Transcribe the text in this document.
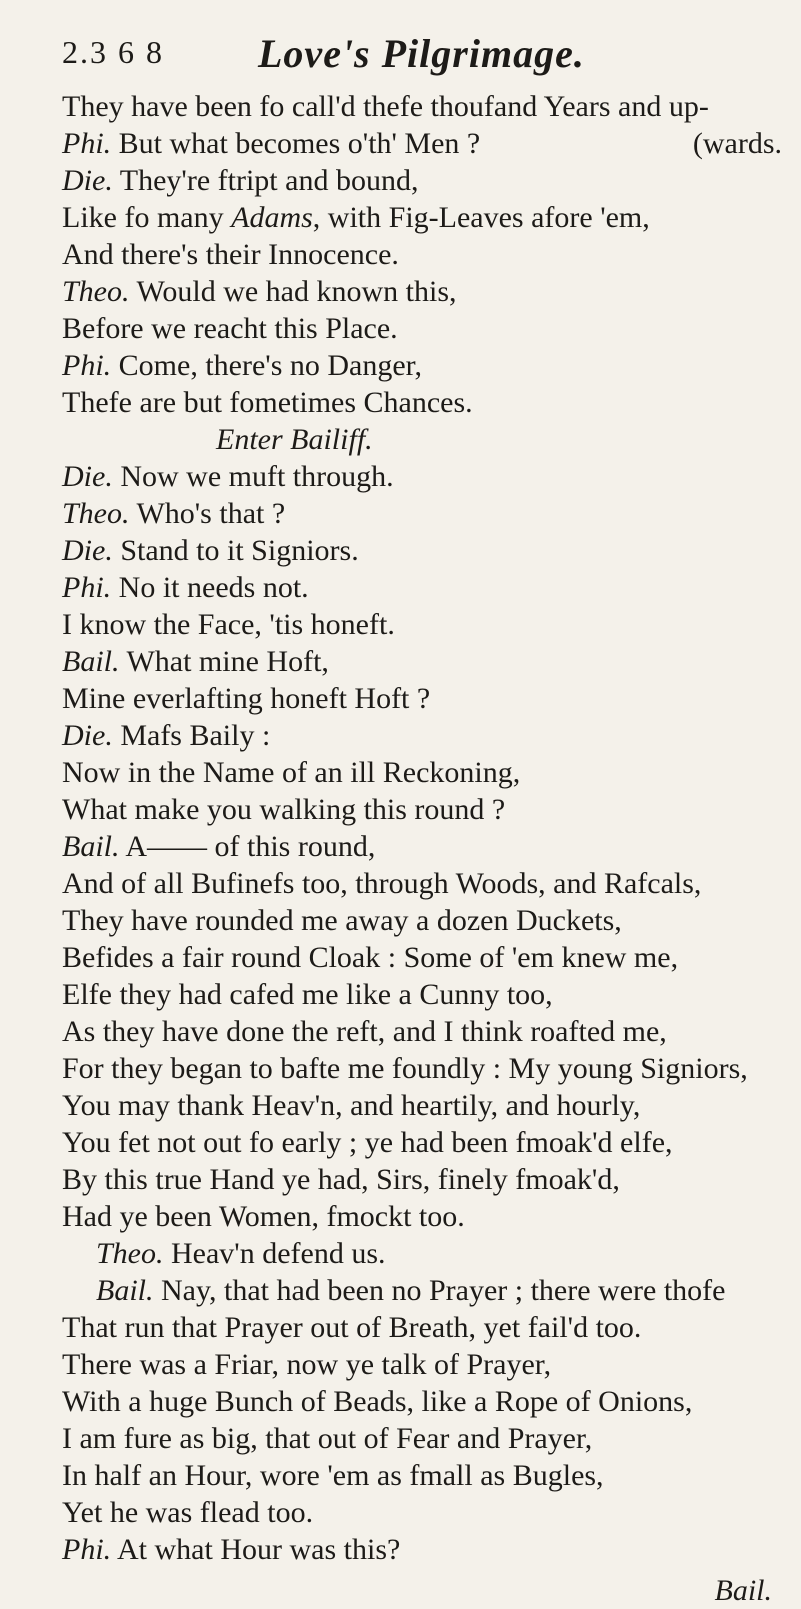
2.3 6 8 Love's Pilgrimage.
They have been fo call'd thefe thoufand Years and up-
Phi. But what becomes o'th' Men ?	(wards.
Die. They're ftript and bound,
Like fo many Adams, with Fig-Leaves afore 'em,
And there's their Innocence.
Theo. Would we had known this,
Before we reacht this Place.
Phi. Come, there's no Danger,
Thefe are but fometimes Chances.
Enter Bailiff.
Die. Now we muft through.
Theo. Who's that ?
Die. Stand to it Signiors.
Phi. No it needs not.
I know the Face, 'tis honeft.
Bail. What mine Hoft,
Mine everlafting honeft Hoft ?
Die. Mafs Baily :
Now in the Name of an ill Reckoning,
What make you walking this round ?
Bail. A—— of this round,
And of all Bufinefs too, through Woods, and Rafcals,
They have rounded me away a dozen Duckets,
Befides a fair round Cloak : Some of 'em knew me,
Elfe they had cafed me like a Cunny too,
As they have done the reft, and I think roafted me,
For they began to bafte me foundly : My young Signiors,
You may thank Heav'n, and heartily, and hourly,
You fet not out fo early ; ye had been fmoak'd elfe,
By this true Hand ye had, Sirs, finely fmoak'd,
Had ye been Women, fmockt too.
Theo. Heav'n defend us.
Bail. Nay, that had been no Prayer ; there were thofe
That run that Prayer out of Breath, yet fail'd too.
There was a Friar, now ye talk of Prayer,
With a huge Bunch of Beads, like a Rope of Onions,
I am fure as big, that out of Fear and Prayer,
In half an Hour, wore 'em as fmall as Bugles,
Yet he was flead too.
Phi. At what Hour was this?
Bail.
